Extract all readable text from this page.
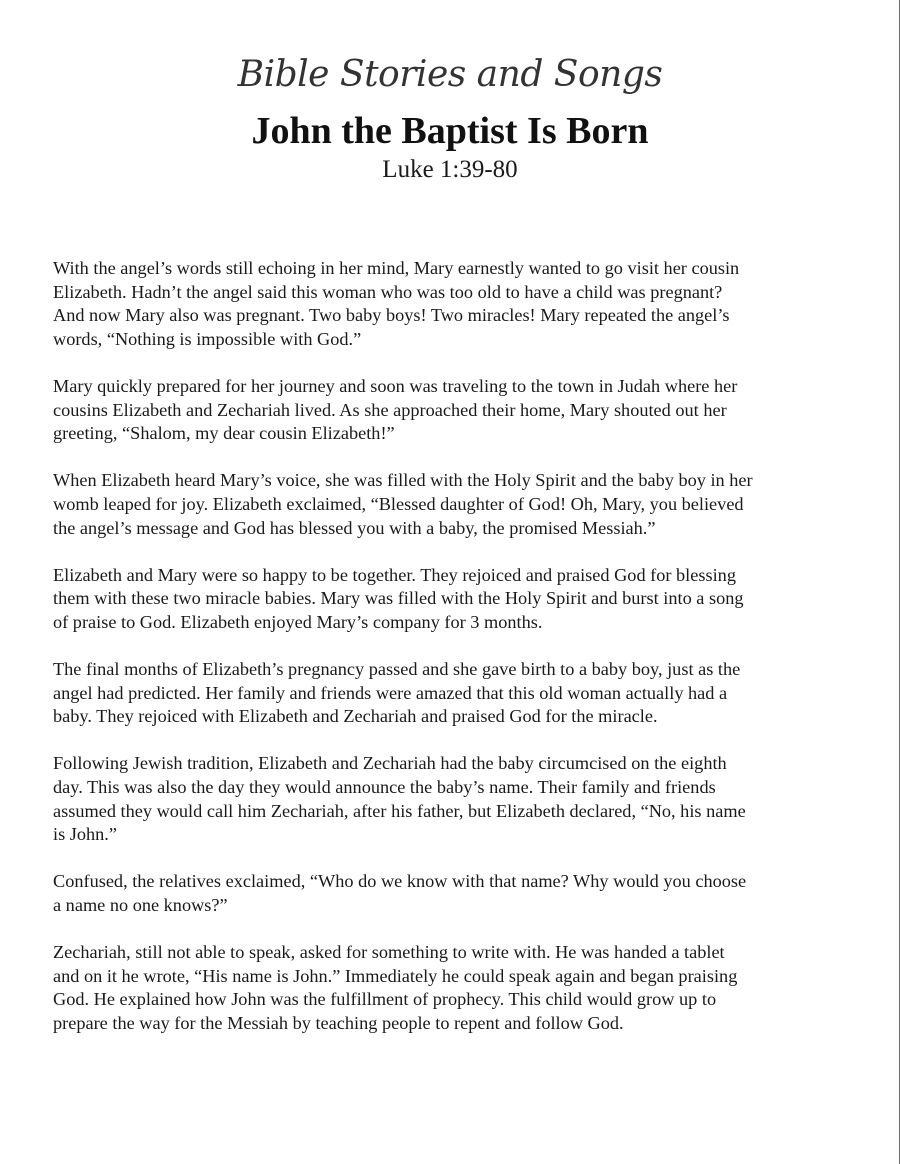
Bible Stories and Songs
John the Baptist Is Born
Luke 1:39-80

With the angel’s words still echoing in her mind, Mary earnestly wanted to go visit her cousin
Elizabeth. Hadn’t the angel said this woman who was too old to have a child was pregnant?
And now Mary also was pregnant. Two baby boys! Two miracles! Mary repeated the angel’s
words, “Nothing is impossible with God.”

Mary quickly prepared for her journey and soon was traveling to the town in Judah where her
cousins Elizabeth and Zechariah lived. As she approached their home, Mary shouted out her
greeting, “Shalom, my dear cousin Elizabeth!”

When Elizabeth heard Mary’s voice, she was filled with the Holy Spirit and the baby boy in her
womb leaped for joy. Elizabeth exclaimed, “Blessed daughter of God! Oh, Mary, you believed
the angel’s message and God has blessed you with a baby, the promised Messiah.”

Elizabeth and Mary were so happy to be together. They rejoiced and praised God for blessing
them with these two miracle babies. Mary was filled with the Holy Spirit and burst into a song
of praise to God. Elizabeth enjoyed Mary’s company for 3 months.

The final months of Elizabeth’s pregnancy passed and she gave birth to a baby boy, just as the
angel had predicted. Her family and friends were amazed that this old woman actually had a
baby. They rejoiced with Elizabeth and Zechariah and praised God for the miracle.

Following Jewish tradition, Elizabeth and Zechariah had the baby circumcised on the eighth
day. This was also the day they would announce the baby’s name. Their family and friends
assumed they would call him Zechariah, after his father, but Elizabeth declared, “No, his name
is John.”

Confused, the relatives exclaimed, “Who do we know with that name? Why would you choose
a name no one knows?”

Zechariah, still not able to speak, asked for something to write with. He was handed a tablet
and on it he wrote, “His name is John.” Immediately he could speak again and began praising
God. He explained how John was the fulfillment of prophecy. This child would grow up to
prepare the way for the Messiah by teaching people to repent and follow God.
